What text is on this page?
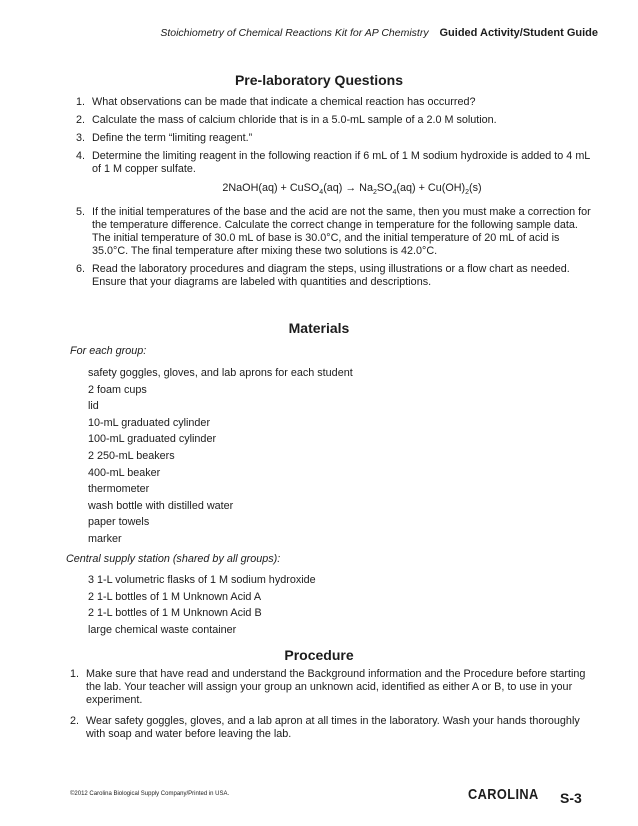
Stoichiometry of Chemical Reactions Kit for AP Chemistry Guided Activity/Student Guide
Pre-laboratory Questions
1. What observations can be made that indicate a chemical reaction has occurred?
2. Calculate the mass of calcium chloride that is in a 5.0-mL sample of a 2.0 M solution.
3. Define the term “limiting reagent.”
4. Determine the limiting reagent in the following reaction if 6 mL of 1 M sodium hydroxide is added to 4 mL of 1 M copper sulfate.
2NaOH(aq) + CuSO$_4$(aq) → $Na_2SO_4(aq) + Cu(OH)_2(s)$
5. If the initial temperatures of the base and the acid are not the same, then you must make a correction for the temperature difference. Calculate the correct change in temperature for the following sample data. The initial temperature of 30.0 mL of base is 30.0°C, and the initial temperature of 20 mL of acid is 35.0°C. The final temperature after mixing these two solutions is 42.0°C.
6. Read the laboratory procedures and diagram the steps, using illustrations or a flow chart as needed. Ensure that your diagrams are labeled with quantities and descriptions.
Materials
For each group:
safety goggles, gloves, and lab aprons for each student
2 foam cups
lid
10-mL graduated cylinder
100-mL graduated cylinder
2 250-mL beakers
400-mL beaker
thermometer
wash bottle with distilled water
paper towels
marker
Central supply station (shared by all groups):
3 1-L volumetric flasks of 1 M sodium hydroxide
2 1-L bottles of 1 M Unknown Acid A
2 1-L bottles of 1 M Unknown Acid B
large chemical waste container
Procedure
1. Make sure that have read and understand the Background information and the Procedure before starting the lab. Your teacher will assign your group an unknown acid, identified as either A or B, to use in your experiment.
2. Wear safety goggles, gloves, and a lab apron at all times in the laboratory. Wash your hands thoroughly with soap and water before leaving the lab.
©2012 Carolina Biological Supply Company/Printed in USA.	CAROLINA S-3
